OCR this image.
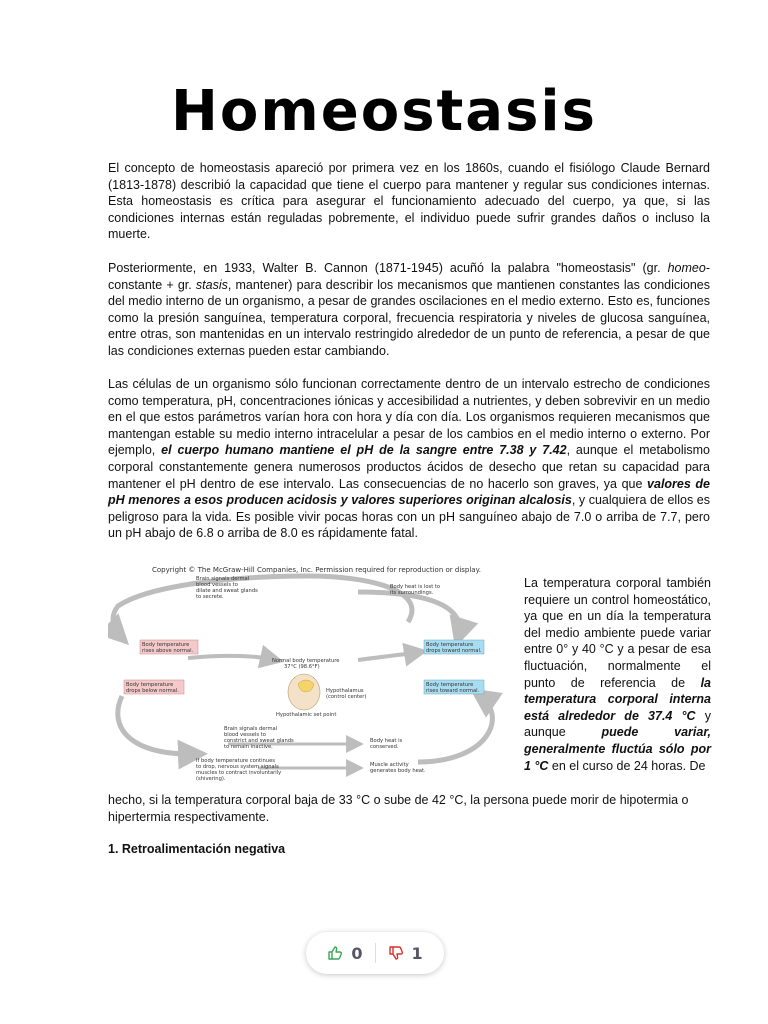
Homeostasis

El concepto de homeostasis apareció por primera vez en los 1860s, cuando el fisiólogo Claude Bernard (1813-1878) describió la capacidad que tiene el cuerpo para mantener y regular sus condiciones internas. Esta homeostasis es crítica para asegurar el funcionamiento adecuado del cuerpo, ya que, si las condiciones internas están reguladas pobremente, el individuo puede sufrir grandes daños o incluso la muerte.

Posteriormente, en 1933, Walter B. Cannon (1871-1945) acuñó la palabra "homeostasis" (gr. homeo- constante + gr. stasis, mantener) para describir los mecanismos que mantienen constantes las condiciones del medio interno de un organismo, a pesar de grandes oscilaciones en el medio externo. Esto es, funciones como la presión sanguínea, temperatura corporal, frecuencia respiratoria y niveles de glucosa sanguínea, entre otras, son mantenidas en un intervalo restringido alrededor de un punto de referencia, a pesar de que las condiciones externas pueden estar cambiando.

Las células de un organismo sólo funcionan correctamente dentro de un intervalo estrecho de condiciones como temperatura, pH, concentraciones iónicas y accesibilidad a nutrientes, y deben sobrevivir en un medio en el que estos parámetros varían hora con hora y día con día. Los organismos requieren mecanismos que mantengan estable su medio interno intracelular a pesar de los cambios en el medio interno o externo. Por ejemplo, el cuerpo humano mantiene el pH de la sangre entre 7.38 y 7.42, aunque el metabolismo corporal constantemente genera numerosos productos ácidos de desecho que retan su capacidad para mantener el pH dentro de ese intervalo. Las consecuencias de no hacerlo son graves, ya que valores de pH menores a esos producen acidosis y valores superiores originan alcalosis, y cualquiera de ellos es peligroso para la vida. Es posible vivir pocas horas con un pH sanguíneo abajo de 7.0 o arriba de 7.7, pero un pH abajo de 6.8 o arriba de 8.0 es rápidamente fatal.

Copyright © The McGraw-Hill Companies, Inc. Permission required for reproduction or display.
Brain signals dermal
blood vessels to
dilate and sweat glands
to secrete.
Body heat is lost to
its surroundings.
Body temperature
rises above normal.
Body temperature
drops toward normal.
Body temperature
drops below normal.
Body temperature
rises toward normal.
Normal body temperature
37°C (98.6°F)
Hypothalamus
(control center)
Hypothalamic set point
Brain signals dermal
blood vessels to
constrict and sweat glands
to remain inactive.
Body heat is
conserved.
If body temperature continues
to drop, nervous system signals
muscles to contract involuntarily
(shivering).
Muscle activity
generates body heat.

La temperatura corporal también requiere un control homeostático, ya que en un día la temperatura del medio ambiente puede variar entre 0° y 40 °C y a pesar de esa fluctuación, normalmente el punto de referencia de la temperatura corporal interna está alrededor de 37.4 °C y aunque puede variar, generalmente fluctúa sólo por 1 °C en el curso de 24 horas. De

hecho, si la temperatura corporal baja de 33 °C o sube de 42 °C, la persona puede morir de hipotermia o hipertermia respectivamente.

1. Retroalimentación negativa

0	1
